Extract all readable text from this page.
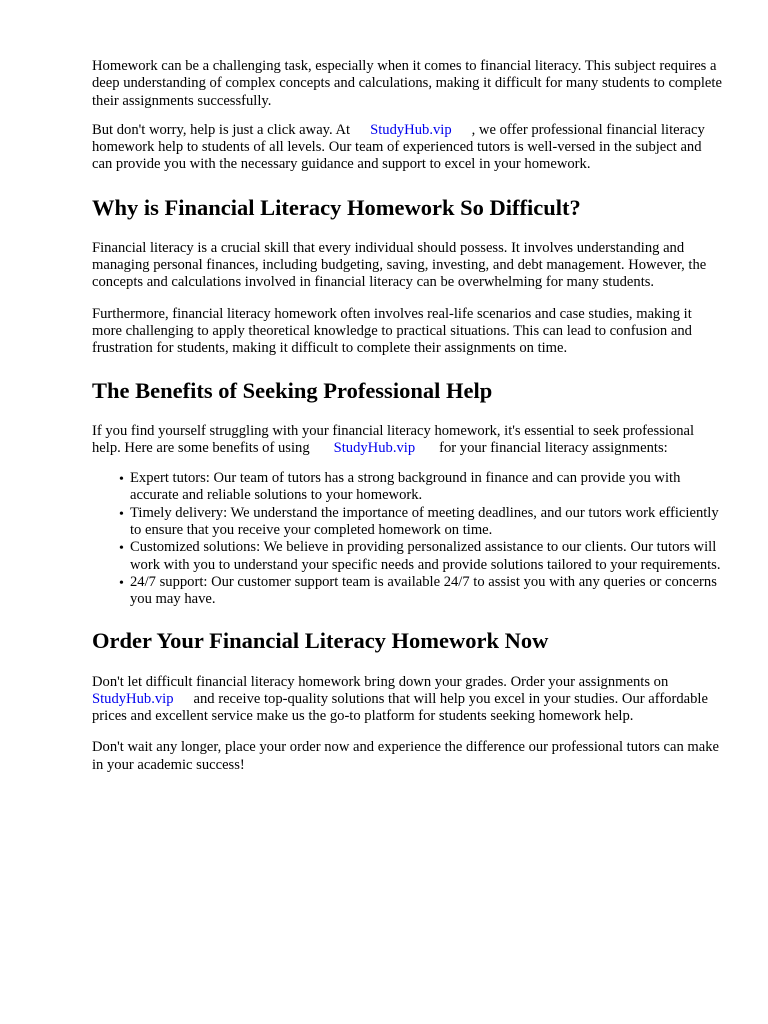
Homework can be a challenging task, especially when it comes to financial literacy. This subject requires a deep understanding of complex concepts and calculations, making it difficult for many students to complete their assignments successfully.

But don't worry, help is just a click away. At StudyHub.vip , we offer professional financial literacy homework help to students of all levels. Our team of experienced tutors is well-versed in the subject and can provide you with the necessary guidance and support to excel in your homework.

Why is Financial Literacy Homework So Difficult?

Financial literacy is a crucial skill that every individual should possess. It involves understanding and managing personal finances, including budgeting, saving, investing, and debt management. However, the concepts and calculations involved in financial literacy can be overwhelming for many students.

Furthermore, financial literacy homework often involves real-life scenarios and case studies, making it more challenging to apply theoretical knowledge to practical situations. This can lead to confusion and frustration for students, making it difficult to complete their assignments on time.

The Benefits of Seeking Professional Help

If you find yourself struggling with your financial literacy homework, it's essential to seek professional help. Here are some benefits of using StudyHub.vip for your financial literacy assignments:

• Expert tutors: Our team of tutors has a strong background in finance and can provide you with accurate and reliable solutions to your homework.
• Timely delivery: We understand the importance of meeting deadlines, and our tutors work efficiently to ensure that you receive your completed homework on time.
• Customized solutions: We believe in providing personalized assistance to our clients. Our tutors will work with you to understand your specific needs and provide solutions tailored to your requirements.
• 24/7 support: Our customer support team is available 24/7 to assist you with any queries or concerns you may have.
Order Your Financial Literacy Homework Now

Don't let difficult financial literacy homework bring down your grades. Order your assignments onStudyHub.vip and receive top-quality solutions that will help you excel in your studies. Our affordable prices and excellent service make us the go-to platform for students seeking homework help.

Don't wait any longer, place your order now and experience the difference our professional tutors can make in your academic success!
